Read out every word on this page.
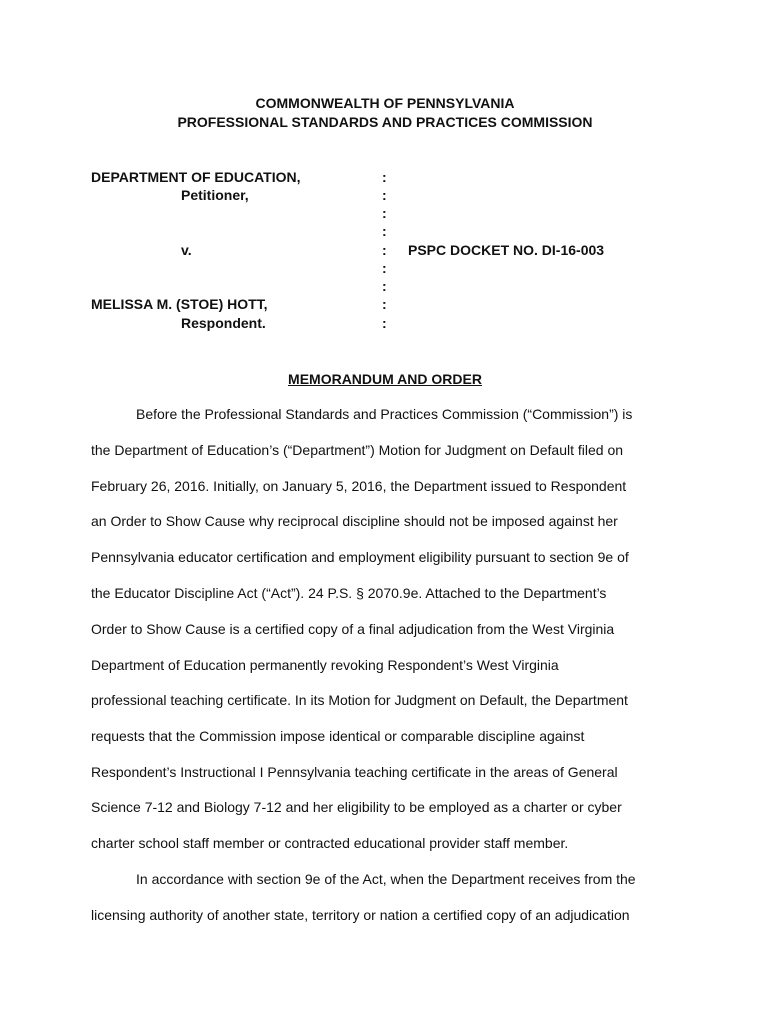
COMMONWEALTH OF PENNSYLVANIA
PROFESSIONAL STANDARDS AND PRACTICES COMMISSION
DEPARTMENT OF EDUCATION,
Petitioner,
v.
MELISSA M. (STOE) HOTT,
Respondent.
PSPC DOCKET NO. DI-16-003
:
:
:
:
:
:
:
:
:
MEMORANDUM AND ORDER
Before the Professional Standards and Practices Commission (“Commission”) is
the Department of Education’s (“Department”) Motion for Judgment on Default filed on
February 26, 2016. Initially, on January 5, 2016, the Department issued to Respondent
an Order to Show Cause why reciprocal discipline should not be imposed against her
Pennsylvania educator certification and employment eligibility pursuant to section 9e of
the Educator Discipline Act (“Act”). 24 P.S. § 2070.9e. Attached to the Department’s
Order to Show Cause is a certified copy of a final adjudication from the West Virginia
Department of Education permanently revoking Respondent’s West Virginia
professional teaching certificate. In its Motion for Judgment on Default, the Department
requests that the Commission impose identical or comparable discipline against
Respondent’s Instructional I Pennsylvania teaching certificate in the areas of General
Science 7-12 and Biology 7-12 and her eligibility to be employed as a charter or cyber
charter school staff member or contracted educational provider staff member.
In accordance with section 9e of the Act, when the Department receives from the
licensing authority of another state, territory or nation a certified copy of an adjudication
